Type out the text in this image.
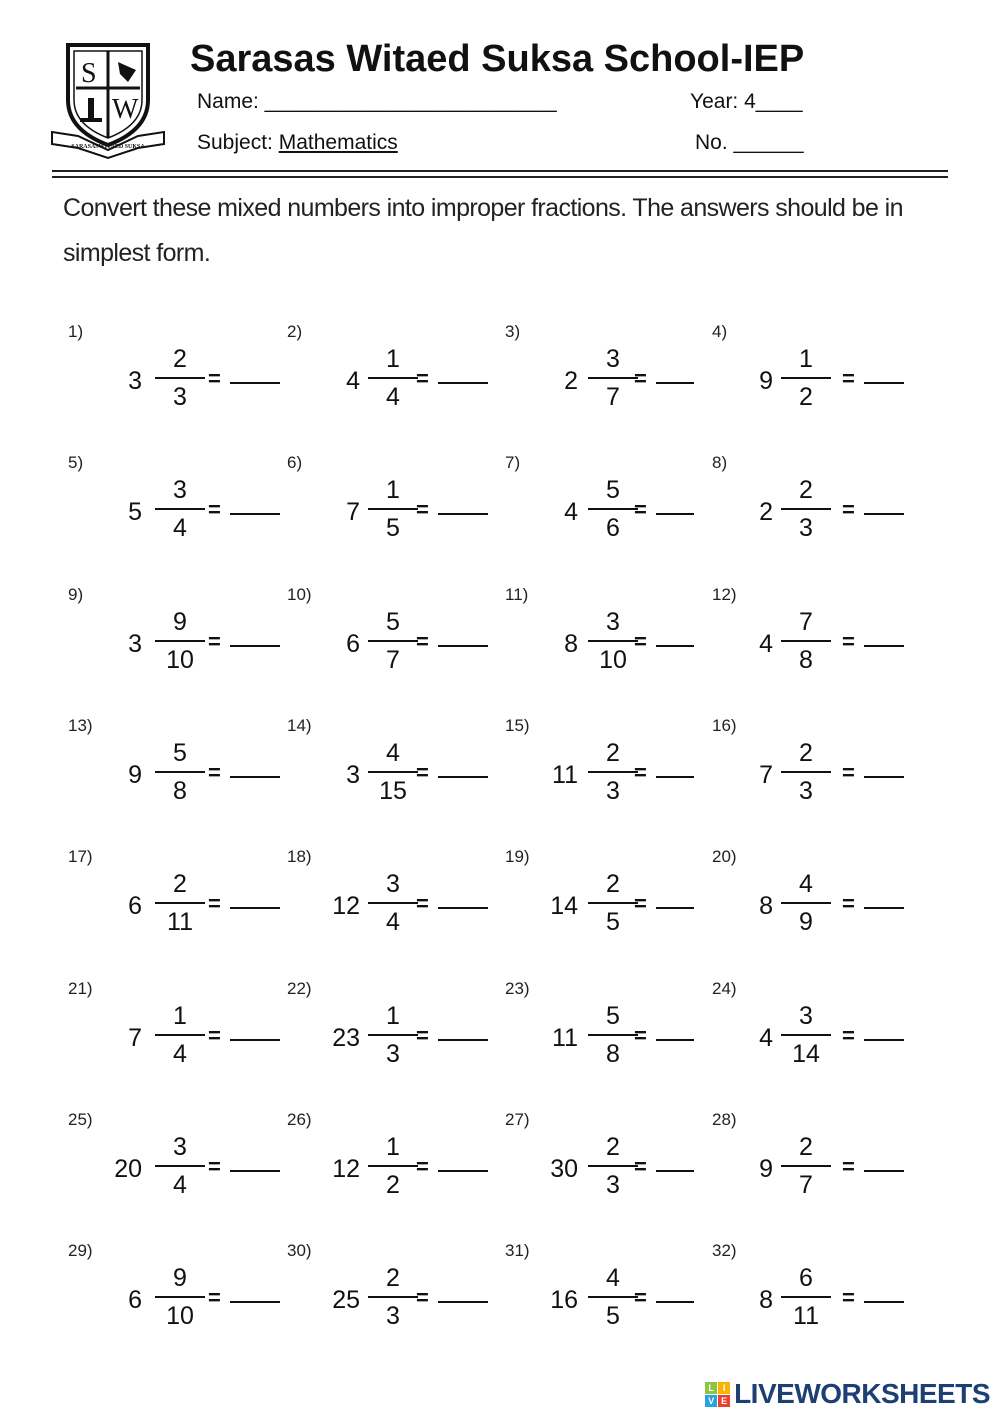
S
W
SARASASWITAED SUKSA
Sarasas Witaed Suksa School-IEP
Name: _________________________	Year: 4____
Subject: Mathematics	No. ______
Convert these mixed numbers into improper fractions. The answers should be in simplest form.
1)
3
2
3
=
2)
4
1
4
=
3)
2
3
7
=
4)
9
1
2
=
5)
5
3
4
=
6)
7
1
5
=
7)
4
5
6
=
8)
2
2
3
=
9)
3
9
10
=
10)
6
5
7
=
11)
8
3
10
=
12)
4
7
8
=
13)
9
5
8
=
14)
3
4
15
=
15)
11
2
3
=
16)
7
2
3
=
17)
6
2
11
=
18)
12
3
4
=
19)
14
2
5
=
20)
8
4
9
=
21)
7
1
4
=
22)
23
1
3
=
23)
11
5
8
=
24)
4
3
14
=
25)
20
3
4
=
26)
12
1
2
=
27)
30
2
3
=
28)
9
2
7
=
29)
6
9
10
=
30)
25
2
3
=
31)
16
4
5
=
32)
8
6
11
=
L I
V E LIVEWORKSHEETS
